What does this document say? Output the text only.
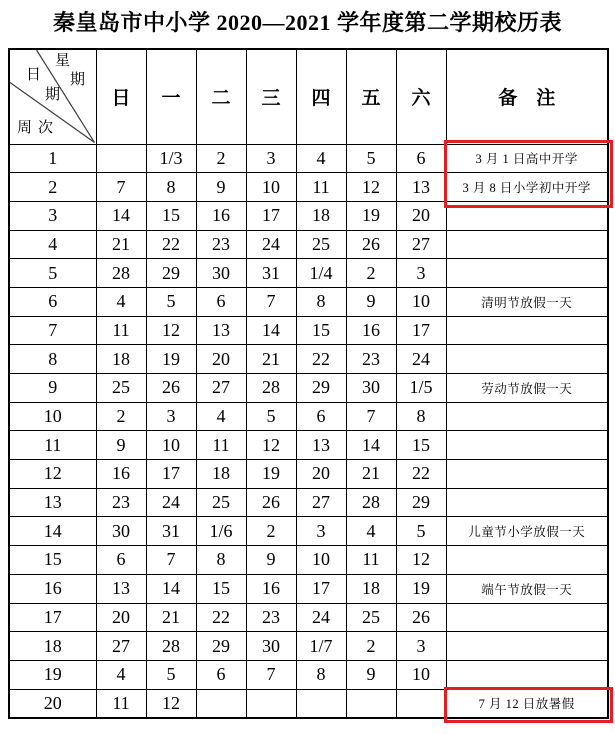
秦皇岛市中小学 2020—2021 学年度第二学期校历表
星
期
日
期
周 次
	日	一	二	三	四	五	六	备    注
1		1/3	2	3	4	5	6	3 月 1 日高中开学
2	7	8	9	10	11	12	13	3 月 8 日小学初中开学
3	14	15	16	17	18	19	20	
4	21	22	23	24	25	26	27	
5	28	29	30	31	1/4	2	3	
6	4	5	6	7	8	9	10	清明节放假一天
7	11	12	13	14	15	16	17	
8	18	19	20	21	22	23	24	
9	25	26	27	28	29	30	1/5	劳动节放假一天
10	2	3	4	5	6	7	8	
11	9	10	11	12	13	14	15	
12	16	17	18	19	20	21	22	
13	23	24	25	26	27	28	29	
14	30	31	1/6	2	3	4	5	儿童节小学放假一天
15	6	7	8	9	10	11	12	
16	13	14	15	16	17	18	19	端午节放假一天
17	20	21	22	23	24	25	26	
18	27	28	29	30	1/7	2	3	
19	4	5	6	7	8	9	10	
20	11	12						7 月 12 日放暑假
